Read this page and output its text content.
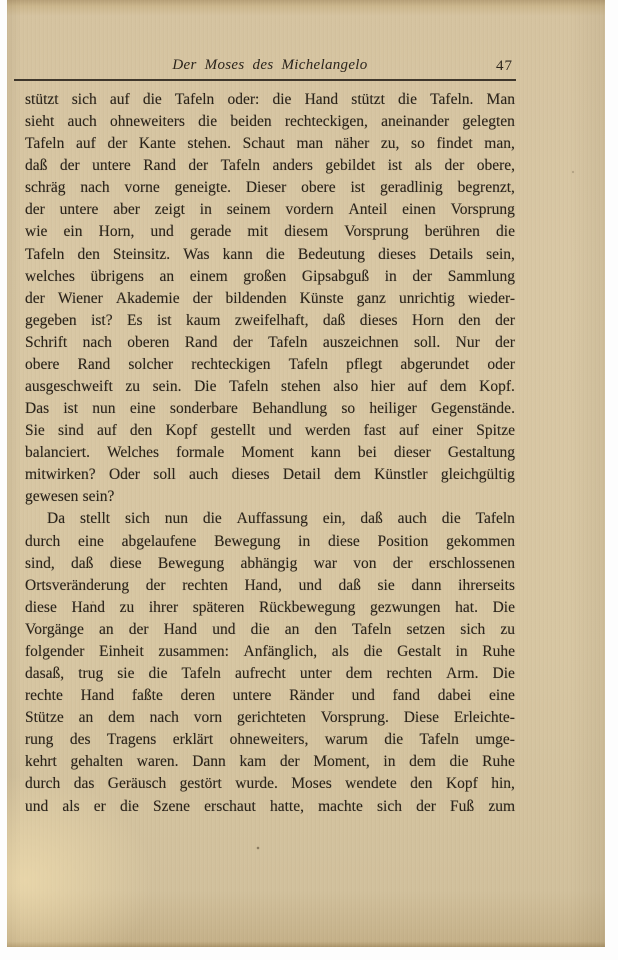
Der Moses des Michelangelo	47
stützt sich auf die Tafeln oder: die Hand stützt die Tafeln. Man
sieht auch ohneweiters die beiden rechteckigen, aneinander gelegten
Tafeln auf der Kante stehen. Schaut man näher zu, so findet man,
daß der untere Rand der Tafeln anders gebildet ist als der obere,
schräg nach vorne geneigte. Dieser obere ist geradlinig begrenzt,
der untere aber zeigt in seinem vordern Anteil einen Vorsprung
wie ein Horn, und gerade mit diesem Vorsprung berühren die
Tafeln den Steinsitz. Was kann die Bedeutung dieses Details sein,
welches übrigens an einem großen Gipsabguß in der Sammlung
der Wiener Akademie der bildenden Künste ganz unrichtig wieder-
gegeben ist? Es ist kaum zweifelhaft, daß dieses Horn den der
Schrift nach oberen Rand der Tafeln auszeichnen soll. Nur der
obere Rand solcher rechteckigen Tafeln pflegt abgerundet oder
ausgeschweift zu sein. Die Tafeln stehen also hier auf dem Kopf.
Das ist nun eine sonderbare Behandlung so heiliger Gegenstände.
Sie sind auf den Kopf gestellt und werden fast auf einer Spitze
balanciert. Welches formale Moment kann bei dieser Gestaltung
mitwirken? Oder soll auch dieses Detail dem Künstler gleichgültig
gewesen sein?
Da stellt sich nun die Auffassung ein, daß auch die Tafeln
durch eine abgelaufene Bewegung in diese Position gekommen
sind, daß diese Bewegung abhängig war von der erschlossenen
Ortsveränderung der rechten Hand, und daß sie dann ihrerseits
diese Hand zu ihrer späteren Rückbewegung gezwungen hat. Die
Vorgänge an der Hand und die an den Tafeln setzen sich zu
folgender Einheit zusammen: Anfänglich, als die Gestalt in Ruhe
dasaß, trug sie die Tafeln aufrecht unter dem rechten Arm. Die
rechte Hand faßte deren untere Ränder und fand dabei eine
Stütze an dem nach vorn gerichteten Vorsprung. Diese Erleichte-
rung des Tragens erklärt ohneweiters, warum die Tafeln umge-
kehrt gehalten waren. Dann kam der Moment, in dem die Ruhe
durch das Geräusch gestört wurde. Moses wendete den Kopf hin,
und als er die Szene erschaut hatte, machte sich der Fuß zum
